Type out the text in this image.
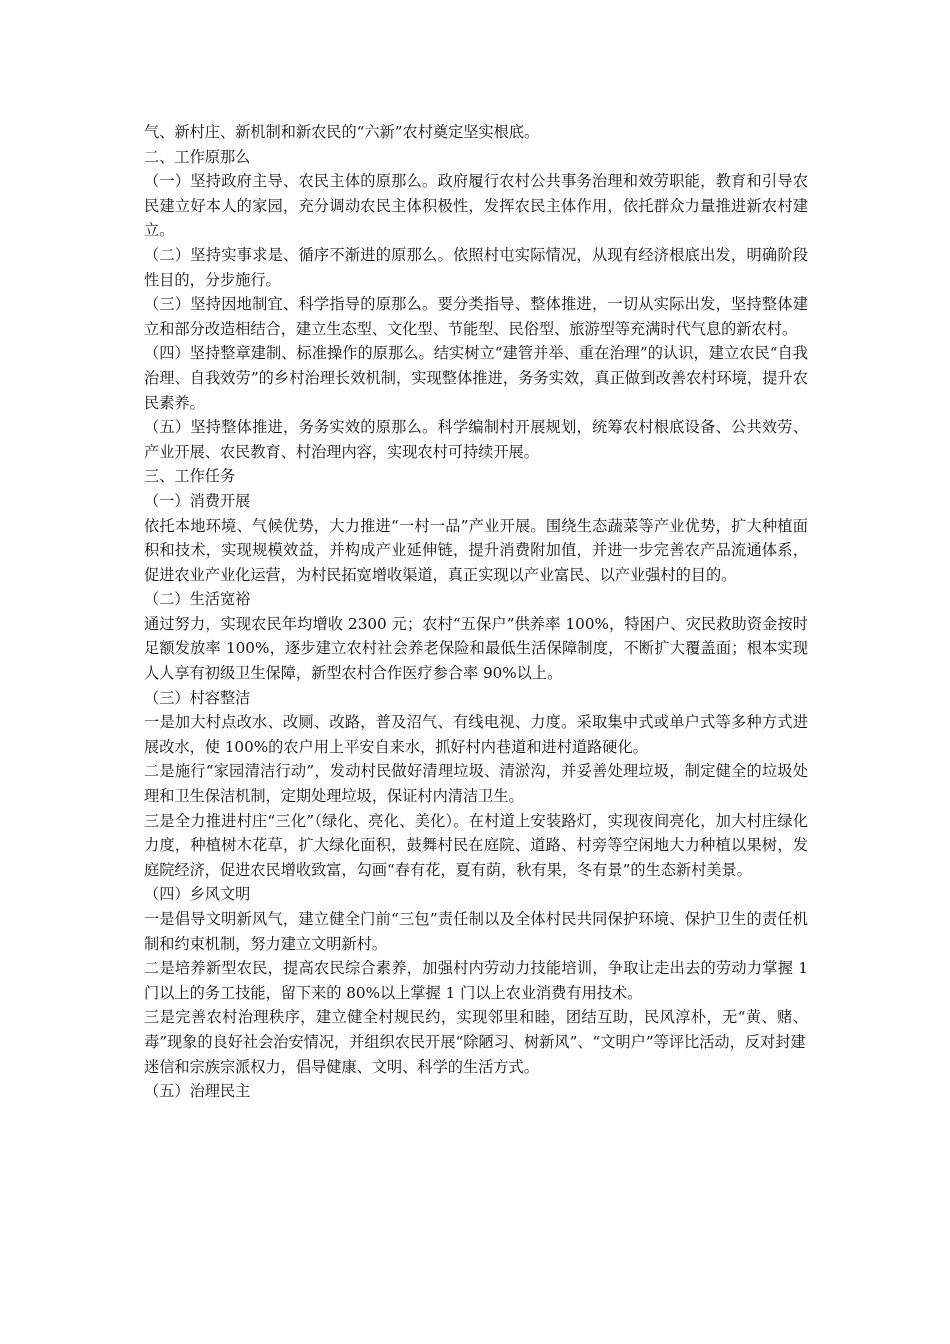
气、新村庄、新机制和新农民的“六新”农村奠定坚实根底。

二、工作原那么

（一）坚持政府主导、农民主体的原那么。政府履行农村公共事务治理和效劳职能，教育和引导农民建立好本人的家园，充分调动农民主体积极性，发挥农民主体作用，依托群众力量推进新农村建立。

（二）坚持实事求是、循序不渐进的原那么。依照村屯实际情况，从现有经济根底出发，明确阶段性目的，分步施行。

（三）坚持因地制宜、科学指导的原那么。要分类指导、整体推进，一切从实际出发，坚持整体建立和部分改造相结合，建立生态型、文化型、节能型、民俗型、旅游型等充满时代气息的新农村。

（四）坚持整章建制、标准操作的原那么。结实树立“建管并举、重在治理”的认识，建立农民“自我治理、自我效劳”的乡村治理长效机制，实现整体推进，务务实效，真正做到改善农村环境，提升农民素养。

（五）坚持整体推进，务务实效的原那么。科学编制村开展规划，统筹农村根底设备、公共效劳、产业开展、农民教育、村治理内容，实现农村可持续开展。

三、工作任务

（一）消费开展

依托本地环境、气候优势，大力推进“一村一品”产业开展。围绕生态蔬菜等产业优势，扩大种植面积和技术，实现规模效益，并构成产业延伸链，提升消费附加值，并进一步完善农产品流通体系，促进农业产业化运营，为村民拓宽增收渠道，真正实现以产业富民、以产业强村的目的。

（二）生活宽裕

通过努力，实现农民年均增收 2300 元；农村“五保户”供养率 100%，特困户、灾民救助资金按时足额发放率 100%，逐步建立农村社会养老保险和最低生活保障制度，不断扩大覆盖面；根本实现人人享有初级卫生保障，新型农村合作医疗参合率 90%以上。

（三）村容整洁

一是加大村点改水、改厕、改路，普及沼气、有线电视、力度。采取集中式或单户式等多种方式进展改水，使 100%的农户用上平安自来水，抓好村内巷道和进村道路硬化。

二是施行“家园清洁行动”，发动村民做好清理垃圾、清淤沟，并妥善处理垃圾，制定健全的垃圾处理和卫生保洁机制，定期处理垃圾，保证村内清洁卫生。

三是全力推进村庄“三化”（绿化、亮化、美化）。在村道上安装路灯，实现夜间亮化，加大村庄绿化力度，种植树木花草，扩大绿化面积，鼓舞村民在庭院、道路、村旁等空闲地大力种植以果树，发庭院经济，促进农民增收致富，勾画“春有花，夏有荫，秋有果，冬有景”的生态新村美景。

（四）乡风文明

一是倡导文明新风气，建立健全门前“三包”责任制以及全体村民共同保护环境、保护卫生的责任机制和约束机制，努力建立文明新村。

二是培养新型农民，提高农民综合素养，加强村内劳动力技能培训，争取让走出去的劳动力掌握 1 门以上的务工技能，留下来的 80%以上掌握 1 门以上农业消费有用技术。

三是完善农村治理秩序，建立健全村规民约，实现邻里和睦，团结互助，民风淳朴，无“黄、赌、毒”现象的良好社会治安情况，并组织农民开展“除陋习、树新风”、“文明户”等评比活动，反对封建

迷信和宗族宗派权力，倡导健康、文明、科学的生活方式。

（五）治理民主
